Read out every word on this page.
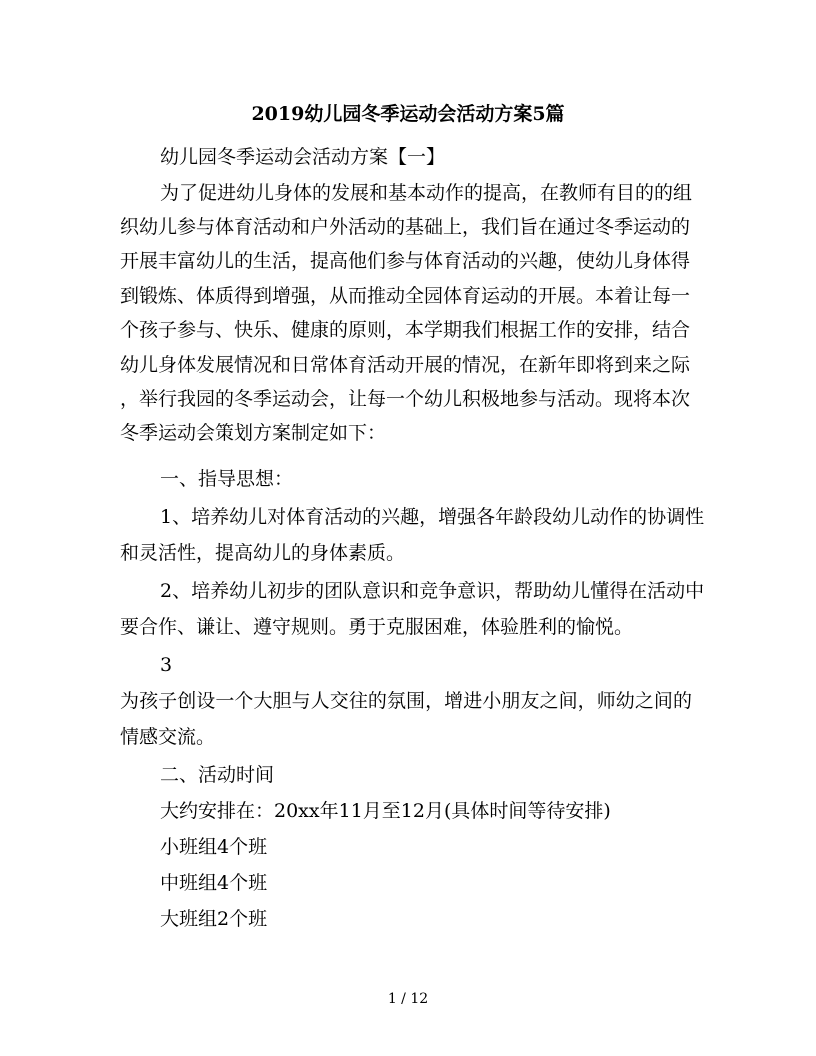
2019幼儿园冬季运动会活动方案5篇
幼儿园冬季运动会活动方案【一】
为了促进幼儿身体的发展和基本动作的提高，在教师有目的的组
织幼儿参与体育活动和户外活动的基础上，我们旨在通过冬季运动的
开展丰富幼儿的生活，提高他们参与体育活动的兴趣，使幼儿身体得
到锻炼、体质得到增强，从而推动全园体育运动的开展。本着让每一
个孩子参与、快乐、健康的原则，本学期我们根据工作的安排，结合
幼儿身体发展情况和日常体育活动开展的情况，在新年即将到来之际
，举行我园的冬季运动会，让每一个幼儿积极地参与活动。现将本次
冬季运动会策划方案制定如下：
一、指导思想：
1、培养幼儿对体育活动的兴趣，增强各年龄段幼儿动作的协调性
和灵活性，提高幼儿的身体素质。
2、培养幼儿初步的团队意识和竞争意识，帮助幼儿懂得在活动中
要合作、谦让、遵守规则。勇于克服困难，体验胜利的愉悦。
3
为孩子创设一个大胆与人交往的氛围，增进小朋友之间，师幼之间的
情感交流。
二、活动时间
大约安排在：20xx年11月至12月(具体时间等待安排)
小班组4个班
中班组4个班
大班组2个班
1 / 12
